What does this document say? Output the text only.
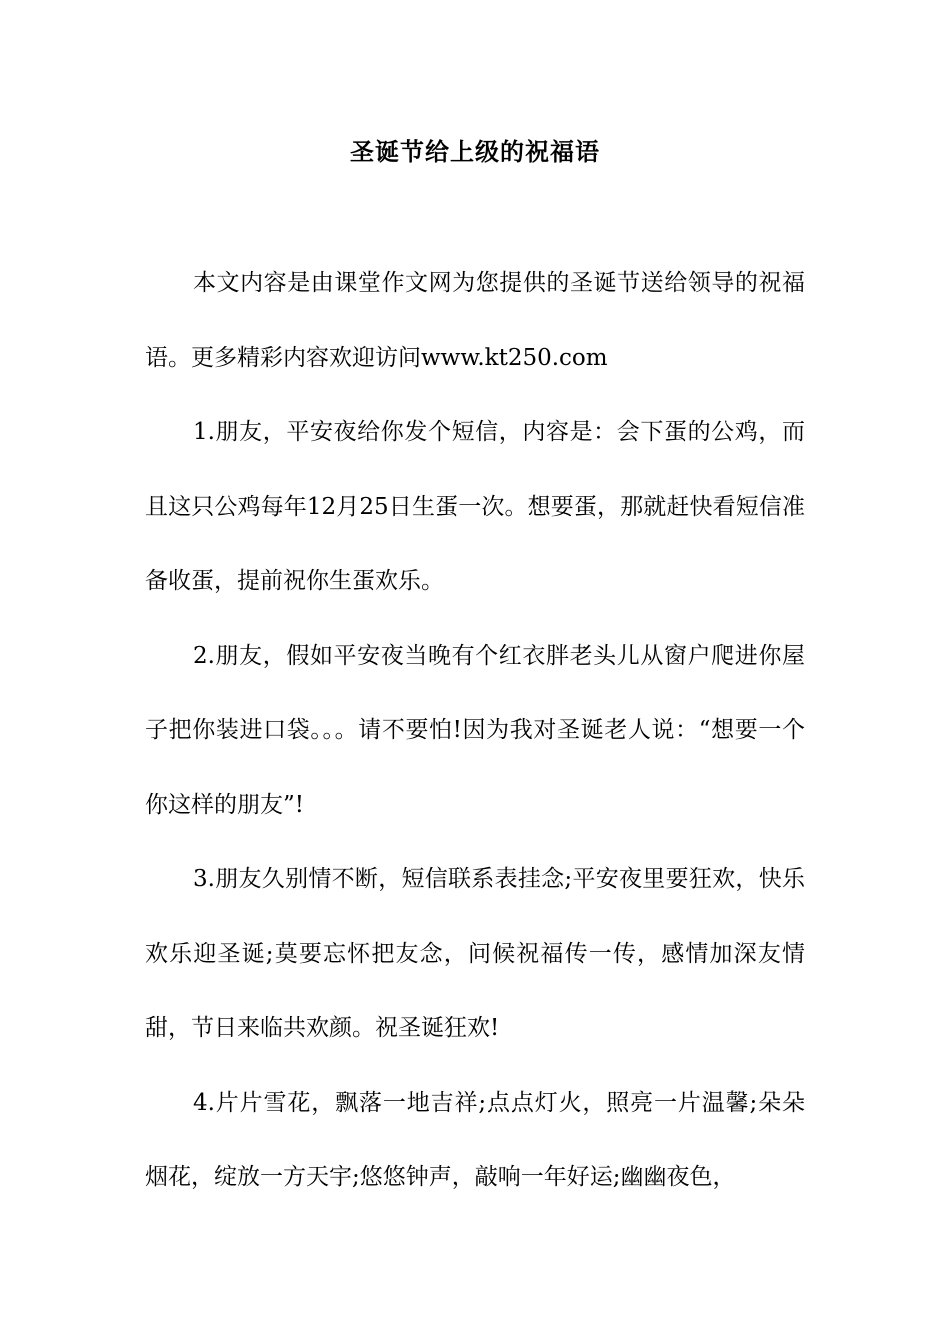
圣诞节给上级的祝福语

本文内容是由课堂作文网为您提供的圣诞节送给领导的祝福语。更多精彩内容欢迎访问www.kt250.com

1.朋友，平安夜给你发个短信，内容是：会下蛋的公鸡，而且这只公鸡每年12月25日生蛋一次。想要蛋，那就赶快看短信准备收蛋，提前祝你生蛋欢乐。

2.朋友，假如平安夜当晚有个红衣胖老头儿从窗户爬进你屋子把你装进口袋。。。请不要怕!因为我对圣诞老人说：“想要一个你这样的朋友”!

3.朋友久别情不断，短信联系表挂念;平安夜里要狂欢，快乐欢乐迎圣诞;莫要忘怀把友念，问候祝福传一传，感情加深友情甜，节日来临共欢颜。祝圣诞狂欢!

4.片片雪花，飘落一地吉祥;点点灯火，照亮一片温馨;朵朵烟花，绽放一方天宇;悠悠钟声，敲响一年好运;幽幽夜色，
